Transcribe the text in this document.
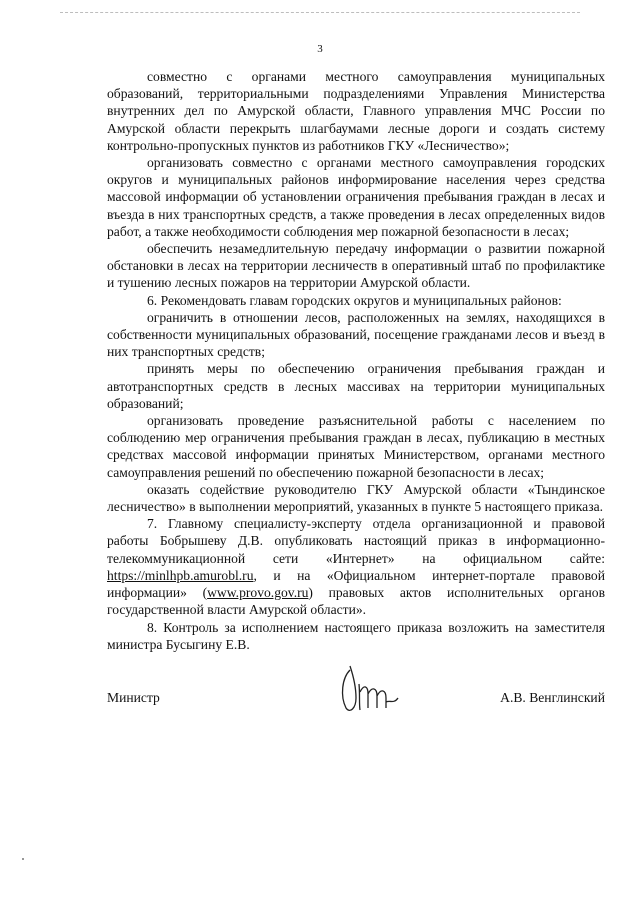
3

совместно с органами местного самоуправления муниципальных образований, территориальными подразделениями Управления Министерства внутренних дел по Амурской области, Главного управления МЧС России по Амурской области перекрыть шлагбаумами лесные дороги и создать систему контрольно-пропускных пунктов из работников ГКУ «Лесничество»;

организовать совместно с органами местного самоуправления городских округов и муниципальных районов информирование населения через средства массовой информации об установлении ограничения пребывания граждан в лесах и въезда в них транспортных средств, а также проведения в лесах определенных видов работ, а также необходимости соблюдения мер пожарной безопасности в лесах;

обеспечить незамедлительную передачу информации о развитии пожарной обстановки в лесах на территории лесничеств в оперативный штаб по профилактике и тушению лесных пожаров на территории Амурской области.

6. Рекомендовать главам городских округов и муниципальных районов:

ограничить в отношении лесов, расположенных на землях, находящихся в собственности муниципальных образований, посещение гражданами лесов и въезд в них транспортных средств;

принять меры по обеспечению ограничения пребывания граждан и автотранспортных средств в лесных массивах на территории муниципальных образований;

организовать проведение разъяснительной работы с населением по соблюдению мер ограничения пребывания граждан в лесах, публикацию в местных средствах массовой информации принятых Министерством, органами местного самоуправления решений по обеспечению пожарной безопасности в лесах;

оказать содействие руководителю ГКУ Амурской области «Тындинское лесничество» в выполнении мероприятий, указанных в пункте 5 настоящего приказа.

7. Главному специалисту-эксперту отдела организационной и правовой работы Бобрышеву Д.В. опубликовать настоящий приказ в информационно-телекоммуникационной сети «Интернет» на официальном сайте: https://minlhpb.amurobl.ru, и на «Официальном интернет-портале правовой информации» (www.provo.gov.ru) правовых актов исполнительных органов государственной власти Амурской области».

8. Контроль за исполнением настоящего приказа возложить на заместителя министра Бусыгину Е.В.

Министр	А.В. Венглинский
